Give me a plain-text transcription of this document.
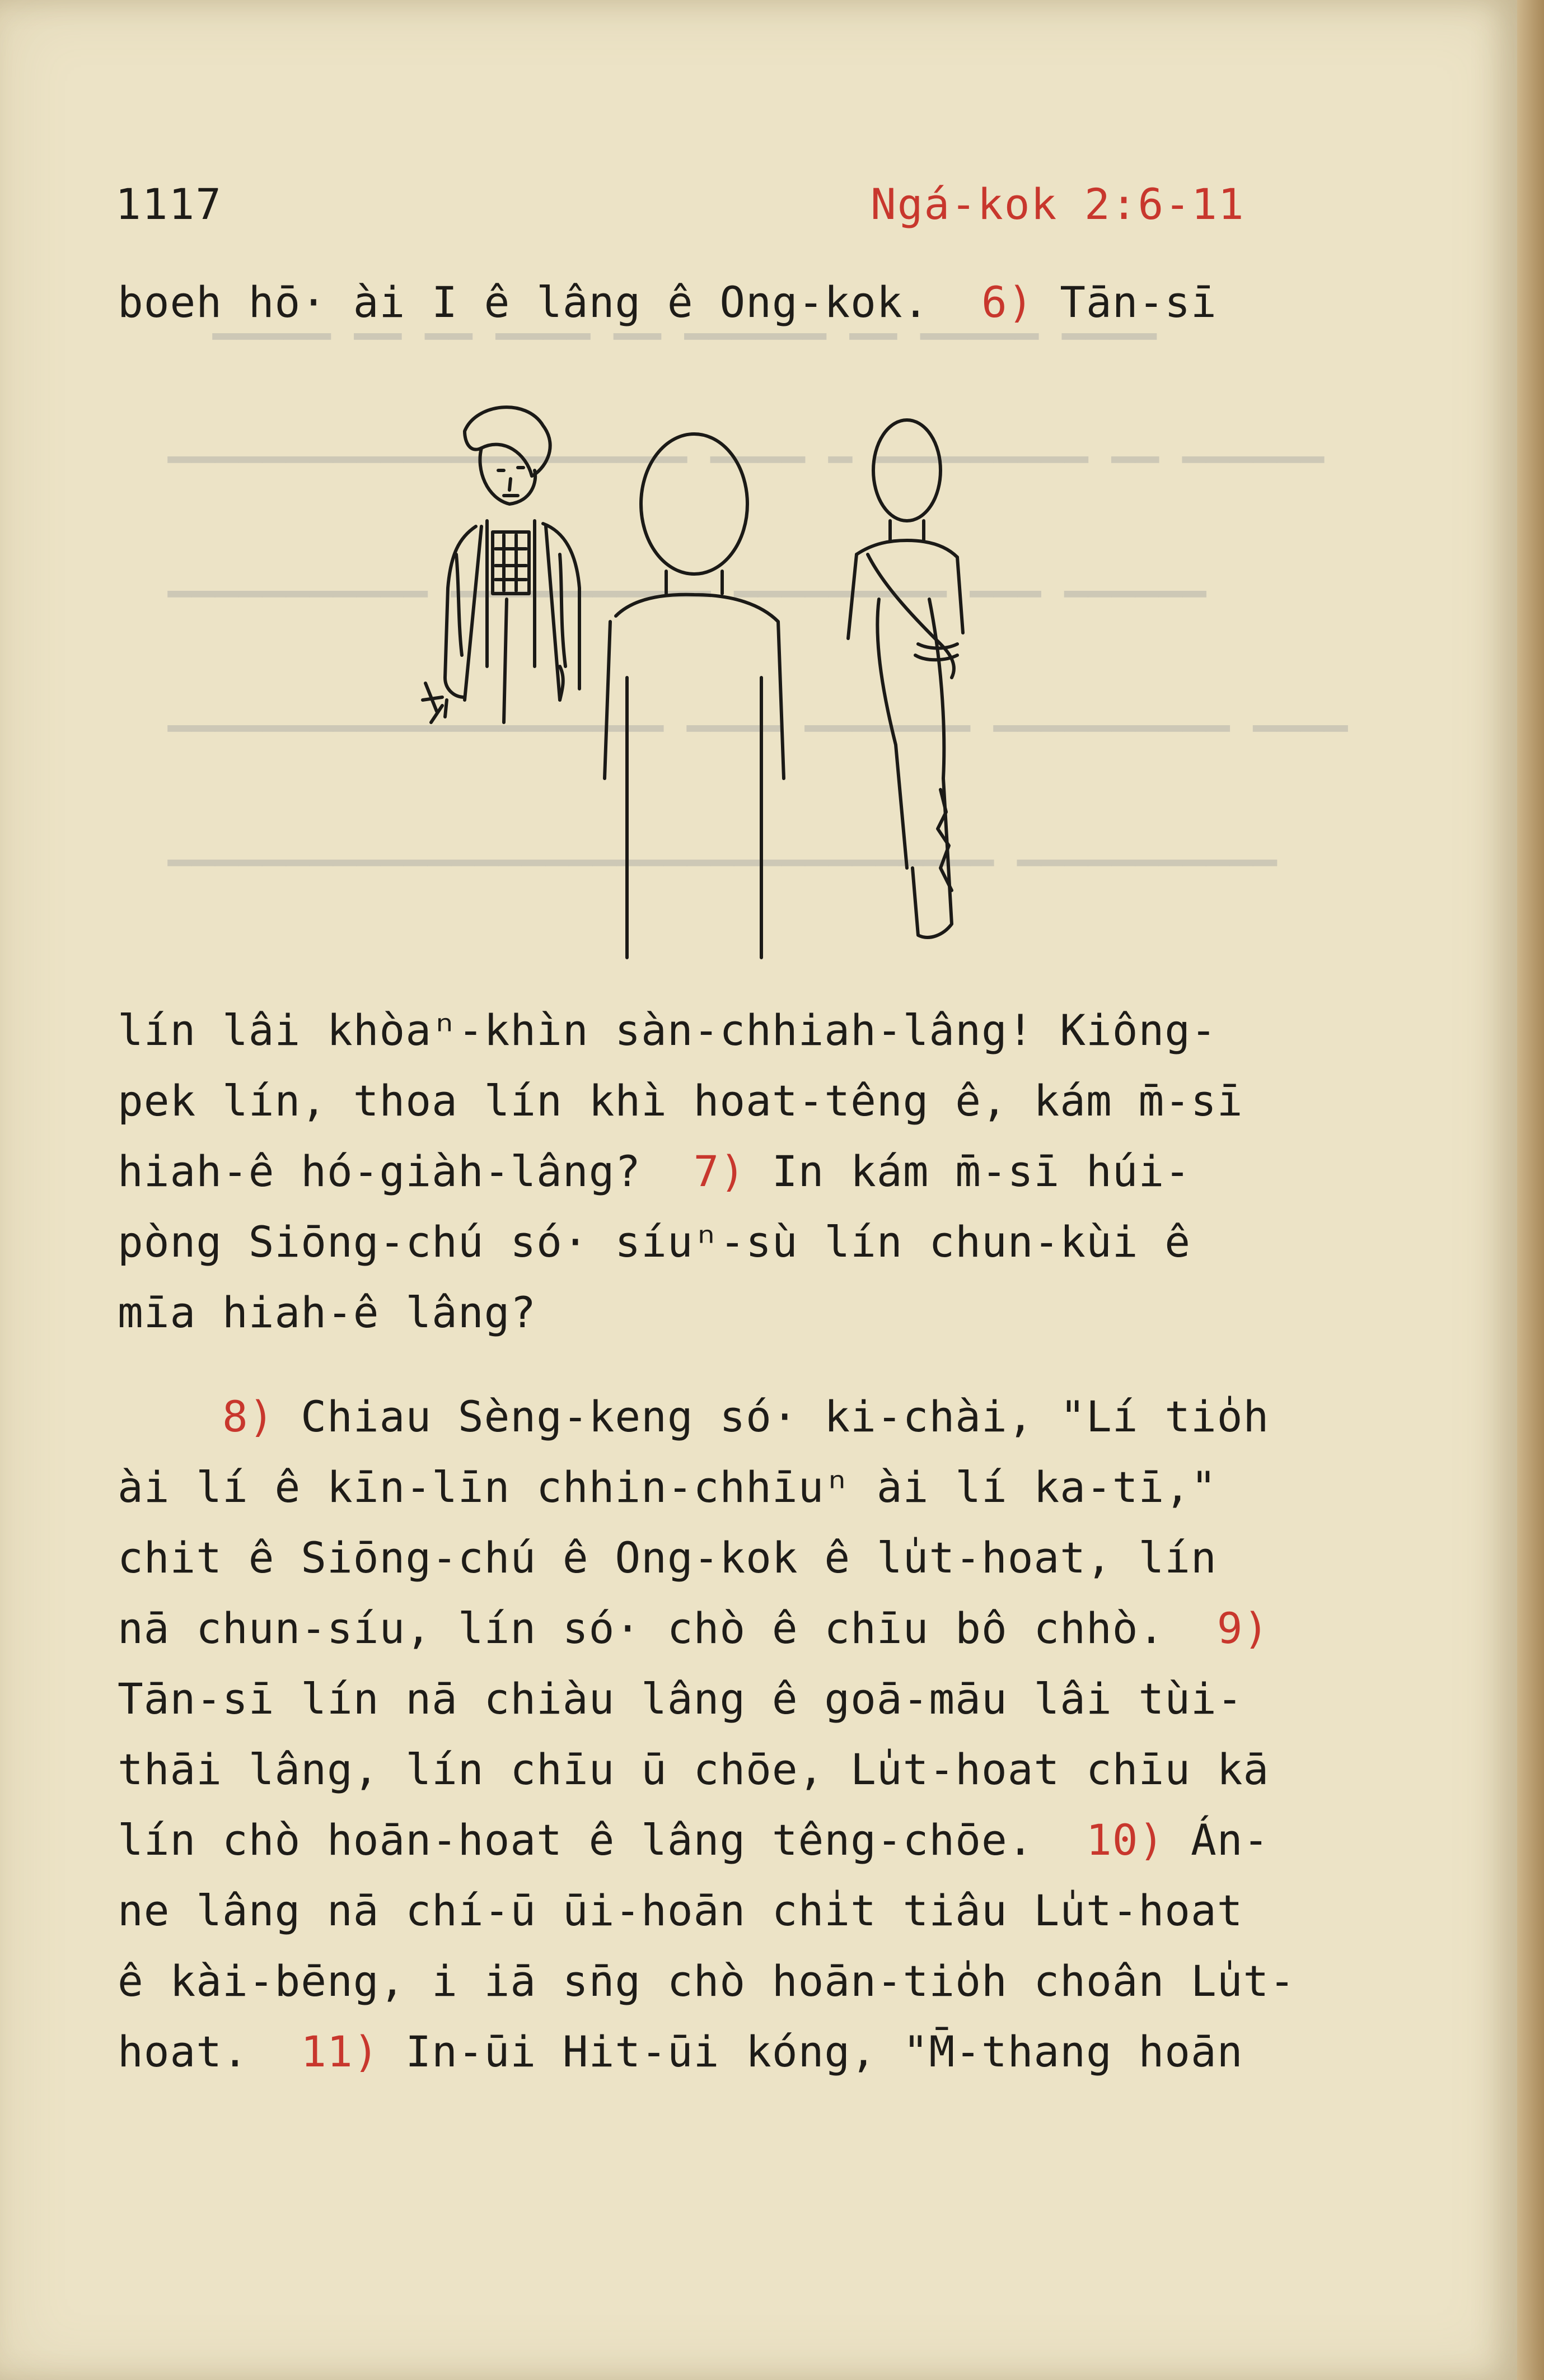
━━━━ ━━━━━ ━━ ━━━━━━ ━━ ━━━━ ━━ ━━ ━━━━━
━━━━━━ ━━ ━━━━━━━━━ ━ ━━━━ ━━━━━━━━━━━━━━━━━━━━━━
━━━━━━ ━━━ ━━━━━━━━━ ━━━━━━━━━━━ ━━━━━━━━━━━
━━━━ ━━━━━━━━━━ ━━━━━━━ ━━━━ ━━━━━━━━━━━━━━━━━━━━━
━━━━━━━━━━━ ━━━━━━━━━━━━━━━━━━━━━━━━━━━━━━━━━━━
1117	Ngá-kok 2:6-11
boeh hō· ài I ê lâng ê Ong-kok.  6) Tān-sī
lín lâi khòaⁿ-khìn sàn-chhiah-lâng! Kiông-
pek lín, thoa lín khì hoat-têng ê, kám m̄-sī
hiah-ê hó-giàh-lâng?  7) In kám m̄-sī húi-
pòng Siōng-chú só· síuⁿ-sù lín chun-kùi ê
mīa hiah-ê lâng?
8) Chiau Sèng-keng só· ki-chài, "Lí tio̍h
ài lí ê kīn-līn chhin-chhīuⁿ ài lí ka-tī,"
chit ê Siōng-chú ê Ong-kok ê lu̍t-hoat, lín
nā chun-síu, lín só· chò ê chīu bô chhò.  9)
Tān-sī lín nā chiàu lâng ê goā-māu lâi tùi-
thāi lâng, lín chīu ū chōe, Lu̍t-hoat chīu kā
lín chò hoān-hoat ê lâng têng-chōe.  10) Án-
ne lâng nā chí-ū ūi-hoān chi̍t tiâu Lu̍t-hoat
ê kài-bēng, i iā sn̄g chò hoān-tio̍h choân Lu̍t-
hoat.  11) In-ūi Hit-ūi kóng, "M̄-thang hoān
